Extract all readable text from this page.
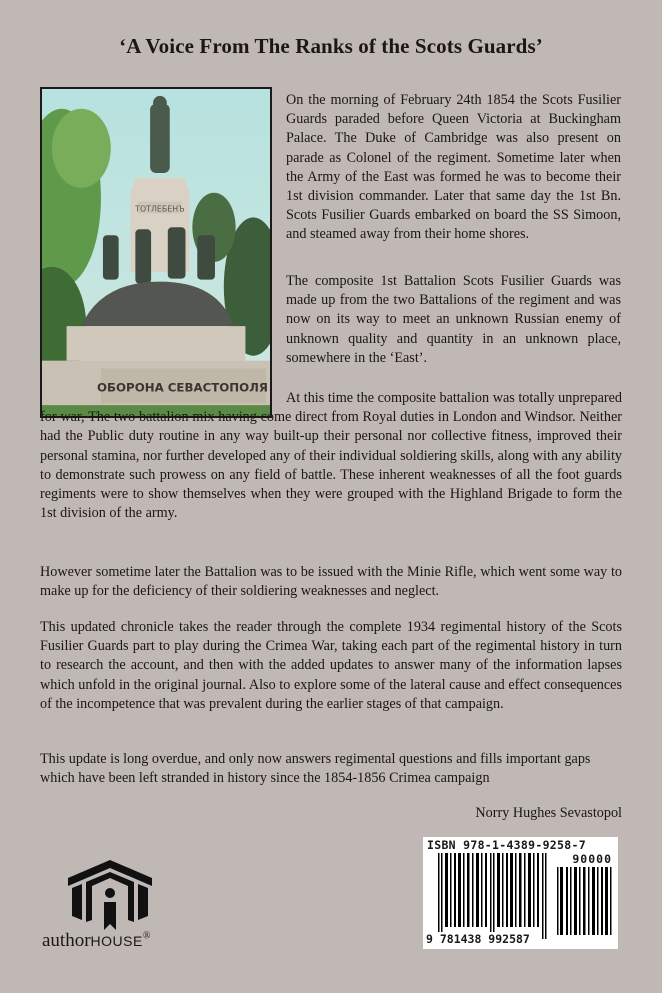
‘A Voice From The Ranks of the Scots Guards’
ТОТЛЕБЕНЪ
ОБОРОНА СЕВАСТОПОЛЯ

On the morning of February 24th 1854 the Scots Fusilier Guards paraded before Queen Victoria at Buckingham Palace. The Duke of Cambridge was also present on parade as Colonel of the regiment. Sometime later when the Army of the East was formed he was to become their 1st division commander. Later that same day the 1st Bn. Scots Fusilier Guards embarked on board the SS Simoon, and steamed away from their home shores.

The composite 1st Battalion Scots Fusilier Guards was made up from the two Battalions of the regiment and was now on its way to meet an unknown Russian enemy of unknown quality and quantity in an unknown place, somewhere in the ‘East’.

At this time the composite battalion was totally unprepared for war, The two battalion mix having come direct from Royal duties in London and Windsor. Neither had the Public duty routine in any way built-up their personal nor collective fitness, improved their personal stamina, nor further developed any of their individual soldiering skills, along with any ability to demonstrate such prowess on any field of battle. These inherent weaknesses of all the foot guards regiments were to show themselves when they were grouped with the Highland Brigade to form the 1st division of the army.

However sometime later the Battalion was to be issued with the Minie Rifle, which went some way to make up for the deficiency of their soldiering weaknesses and neglect.

This updated chronicle takes the reader through the complete 1934 regimental history of the Scots Fusilier Guards part to play during the Crimea War, taking each part of the regimental history in turn to research the account, and then with the added updates to answer many of the information lapses which unfold in the original journal. Also to explore some of the lateral cause and effect consequences of the incompetence that was prevalent during the earlier stages of that campaign.

This update is long overdue, and only now answers regimental questions and fills important gaps which have been left stranded in history since the 1854-1856 Crimea campaign

Norry Hughes Sevastopol
ISBN 978-1-4389-9258-7
90000
9 781438 992587
authorHOUSE®
